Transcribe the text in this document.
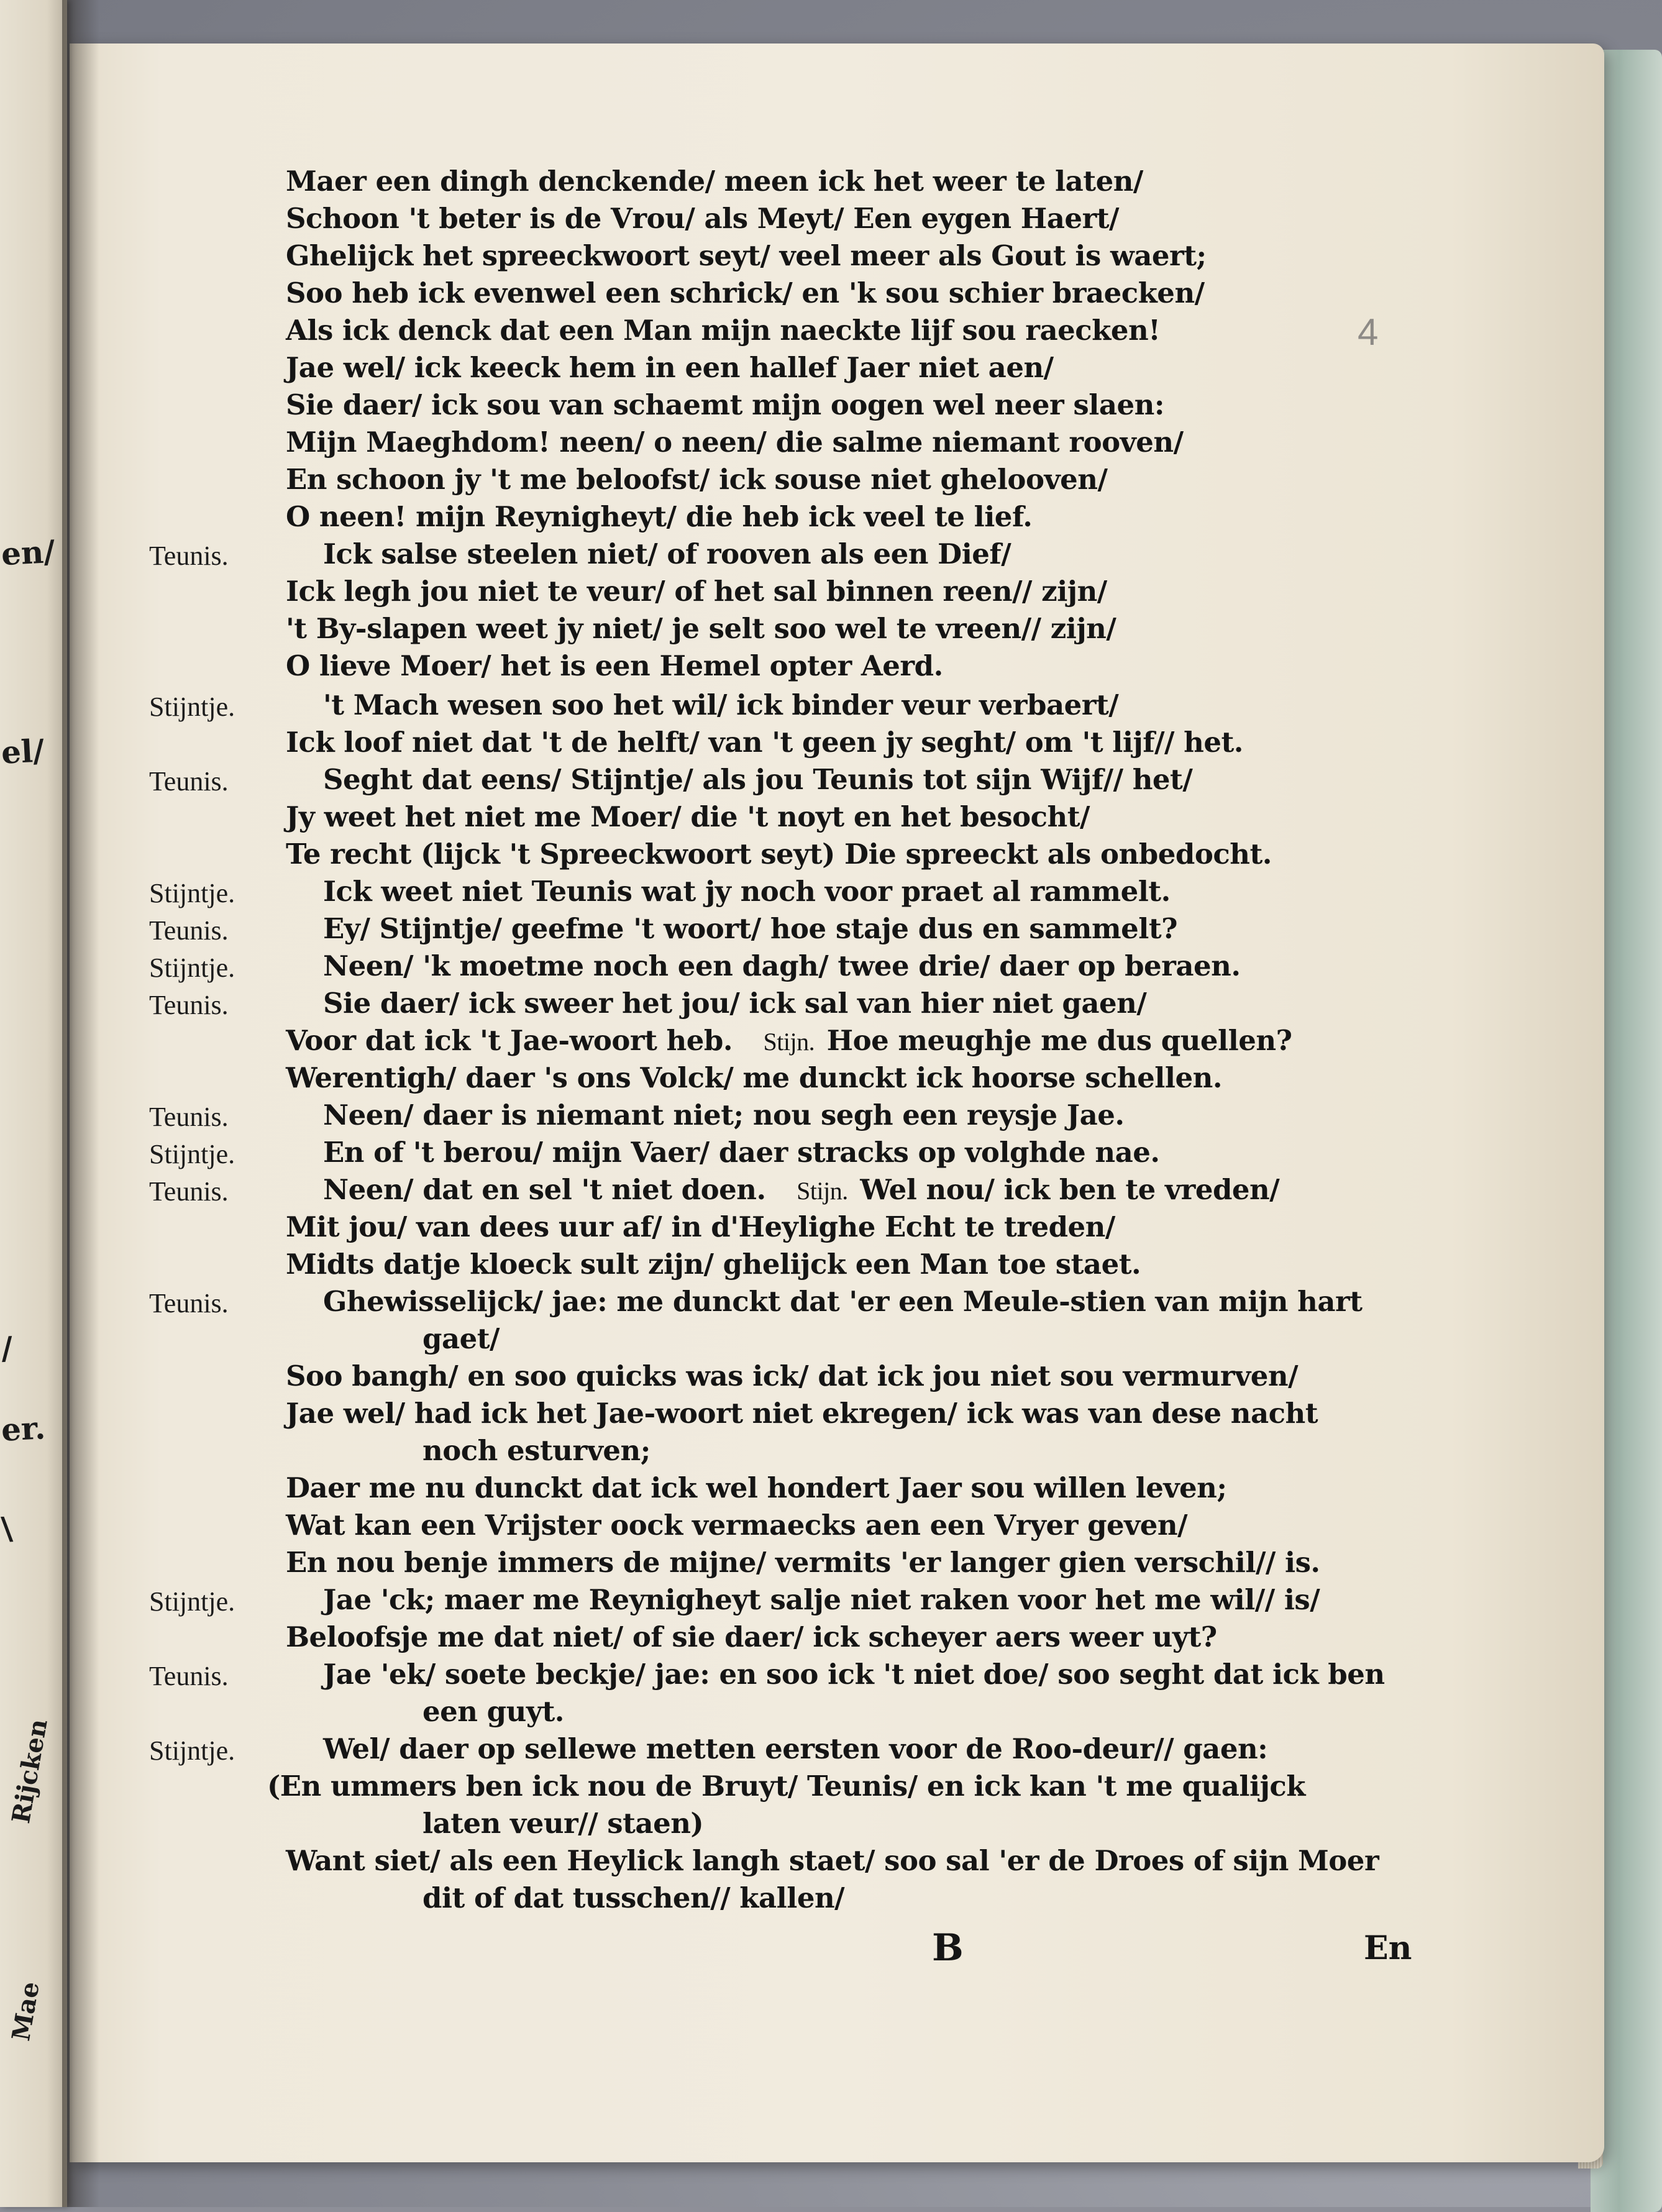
en/
el/
/
er.
\
Rijcken
Mae
4
Maer een dingh denckende/ meen ick het weer te laten/
Schoon 't beter is de Vrou/ als Meyt/ Een eygen Haert/
Ghelijck het spreeckwoort seyt/ veel meer als Gout is waert;
Soo heb ick evenwel een schrick/ en 'k sou schier braecken/
Als ick denck dat een Man mijn naeckte lijf sou raecken!
Jae wel/ ick keeck hem in een hallef Jaer niet aen/
Sie daer/ ick sou van schaemt mijn oogen wel neer slaen:
Mijn Maeghdom! neen/ o neen/ die salme niemant rooven/
En schoon jy 't me beloofst/ ick souse niet ghelooven/
O neen! mijn Reynigheyt/ die heb ick veel te lief.
Teunis.	Ick salse steelen niet/ of rooven als een Dief/
Ick legh jou niet te veur/ of het sal binnen reen// zijn/
't By-slapen weet jy niet/ je selt soo wel te vreen// zijn/
O lieve Moer/ het is een Hemel opter Aerd.
Stijntje.	't Mach wesen soo het wil/ ick binder veur verbaert/
Ick loof niet dat 't de helft/ van 't geen jy seght/ om 't lijf// het.
Teunis.	Seght dat eens/ Stijntje/ als jou Teunis tot sijn Wijf// het/
Jy weet het niet me Moer/ die 't noyt en het besocht/
Te recht (lijck 't Spreeckwoort seyt) Die spreeckt als onbedocht.
Stijntje.	Ick weet niet Teunis wat jy noch voor praet al rammelt.
Teunis.	Ey/ Stijntje/ geefme 't woort/ hoe staje dus en sammelt?
Stijntje.	Neen/ 'k moetme noch een dagh/ twee drie/ daer op beraen.
Teunis.	Sie daer/ ick sweer het jou/ ick sal van hier niet gaen/
Voor dat ick 't Jae-woort heb. Stijn. Hoe meughje me dus quellen?
Werentigh/ daer 's ons Volck/ me dunckt ick hoorse schellen.
Teunis.	Neen/ daer is niemant niet; nou segh een reysje Jae.
Stijntje.	En of 't berou/ mijn Vaer/ daer stracks op volghde nae.
Teunis.	Neen/ dat en sel 't niet doen. Stijn. Wel nou/ ick ben te vreden/
Mit jou/ van dees uur af/ in d'Heylighe Echt te treden/
Midts datje kloeck sult zijn/ ghelijck een Man toe staet.
Teunis.	Ghewisselijck/ jae: me dunckt dat 'er een Meule-stien van mijn hart
gaet/
Soo bangh/ en soo quicks was ick/ dat ick jou niet sou vermurven/
Jae wel/ had ick het Jae-woort niet ekregen/ ick was van dese nacht
noch esturven;
Daer me nu dunckt dat ick wel hondert Jaer sou willen leven;
Wat kan een Vrijster oock vermaecks aen een Vryer geven/
En nou benje immers de mijne/ vermits 'er langer gien verschil// is.
Stijntje.	Jae 'ck; maer me Reynigheyt salje niet raken voor het me wil// is/
Beloofsje me dat niet/ of sie daer/ ick scheyer aers weer uyt?
Teunis.	Jae 'ek/ soete beckje/ jae: en soo ick 't niet doe/ soo seght dat ick ben
een guyt.
Stijntje.	Wel/ daer op sellewe metten eersten voor de Roo-deur// gaen:
(En ummers ben ick nou de Bruyt/ Teunis/ en ick kan 't me qualijck
laten veur// staen)
Want siet/ als een Heylick langh staet/ soo sal 'er de Droes of sijn Moer
dit of dat tusschen// kallen/
B	En
